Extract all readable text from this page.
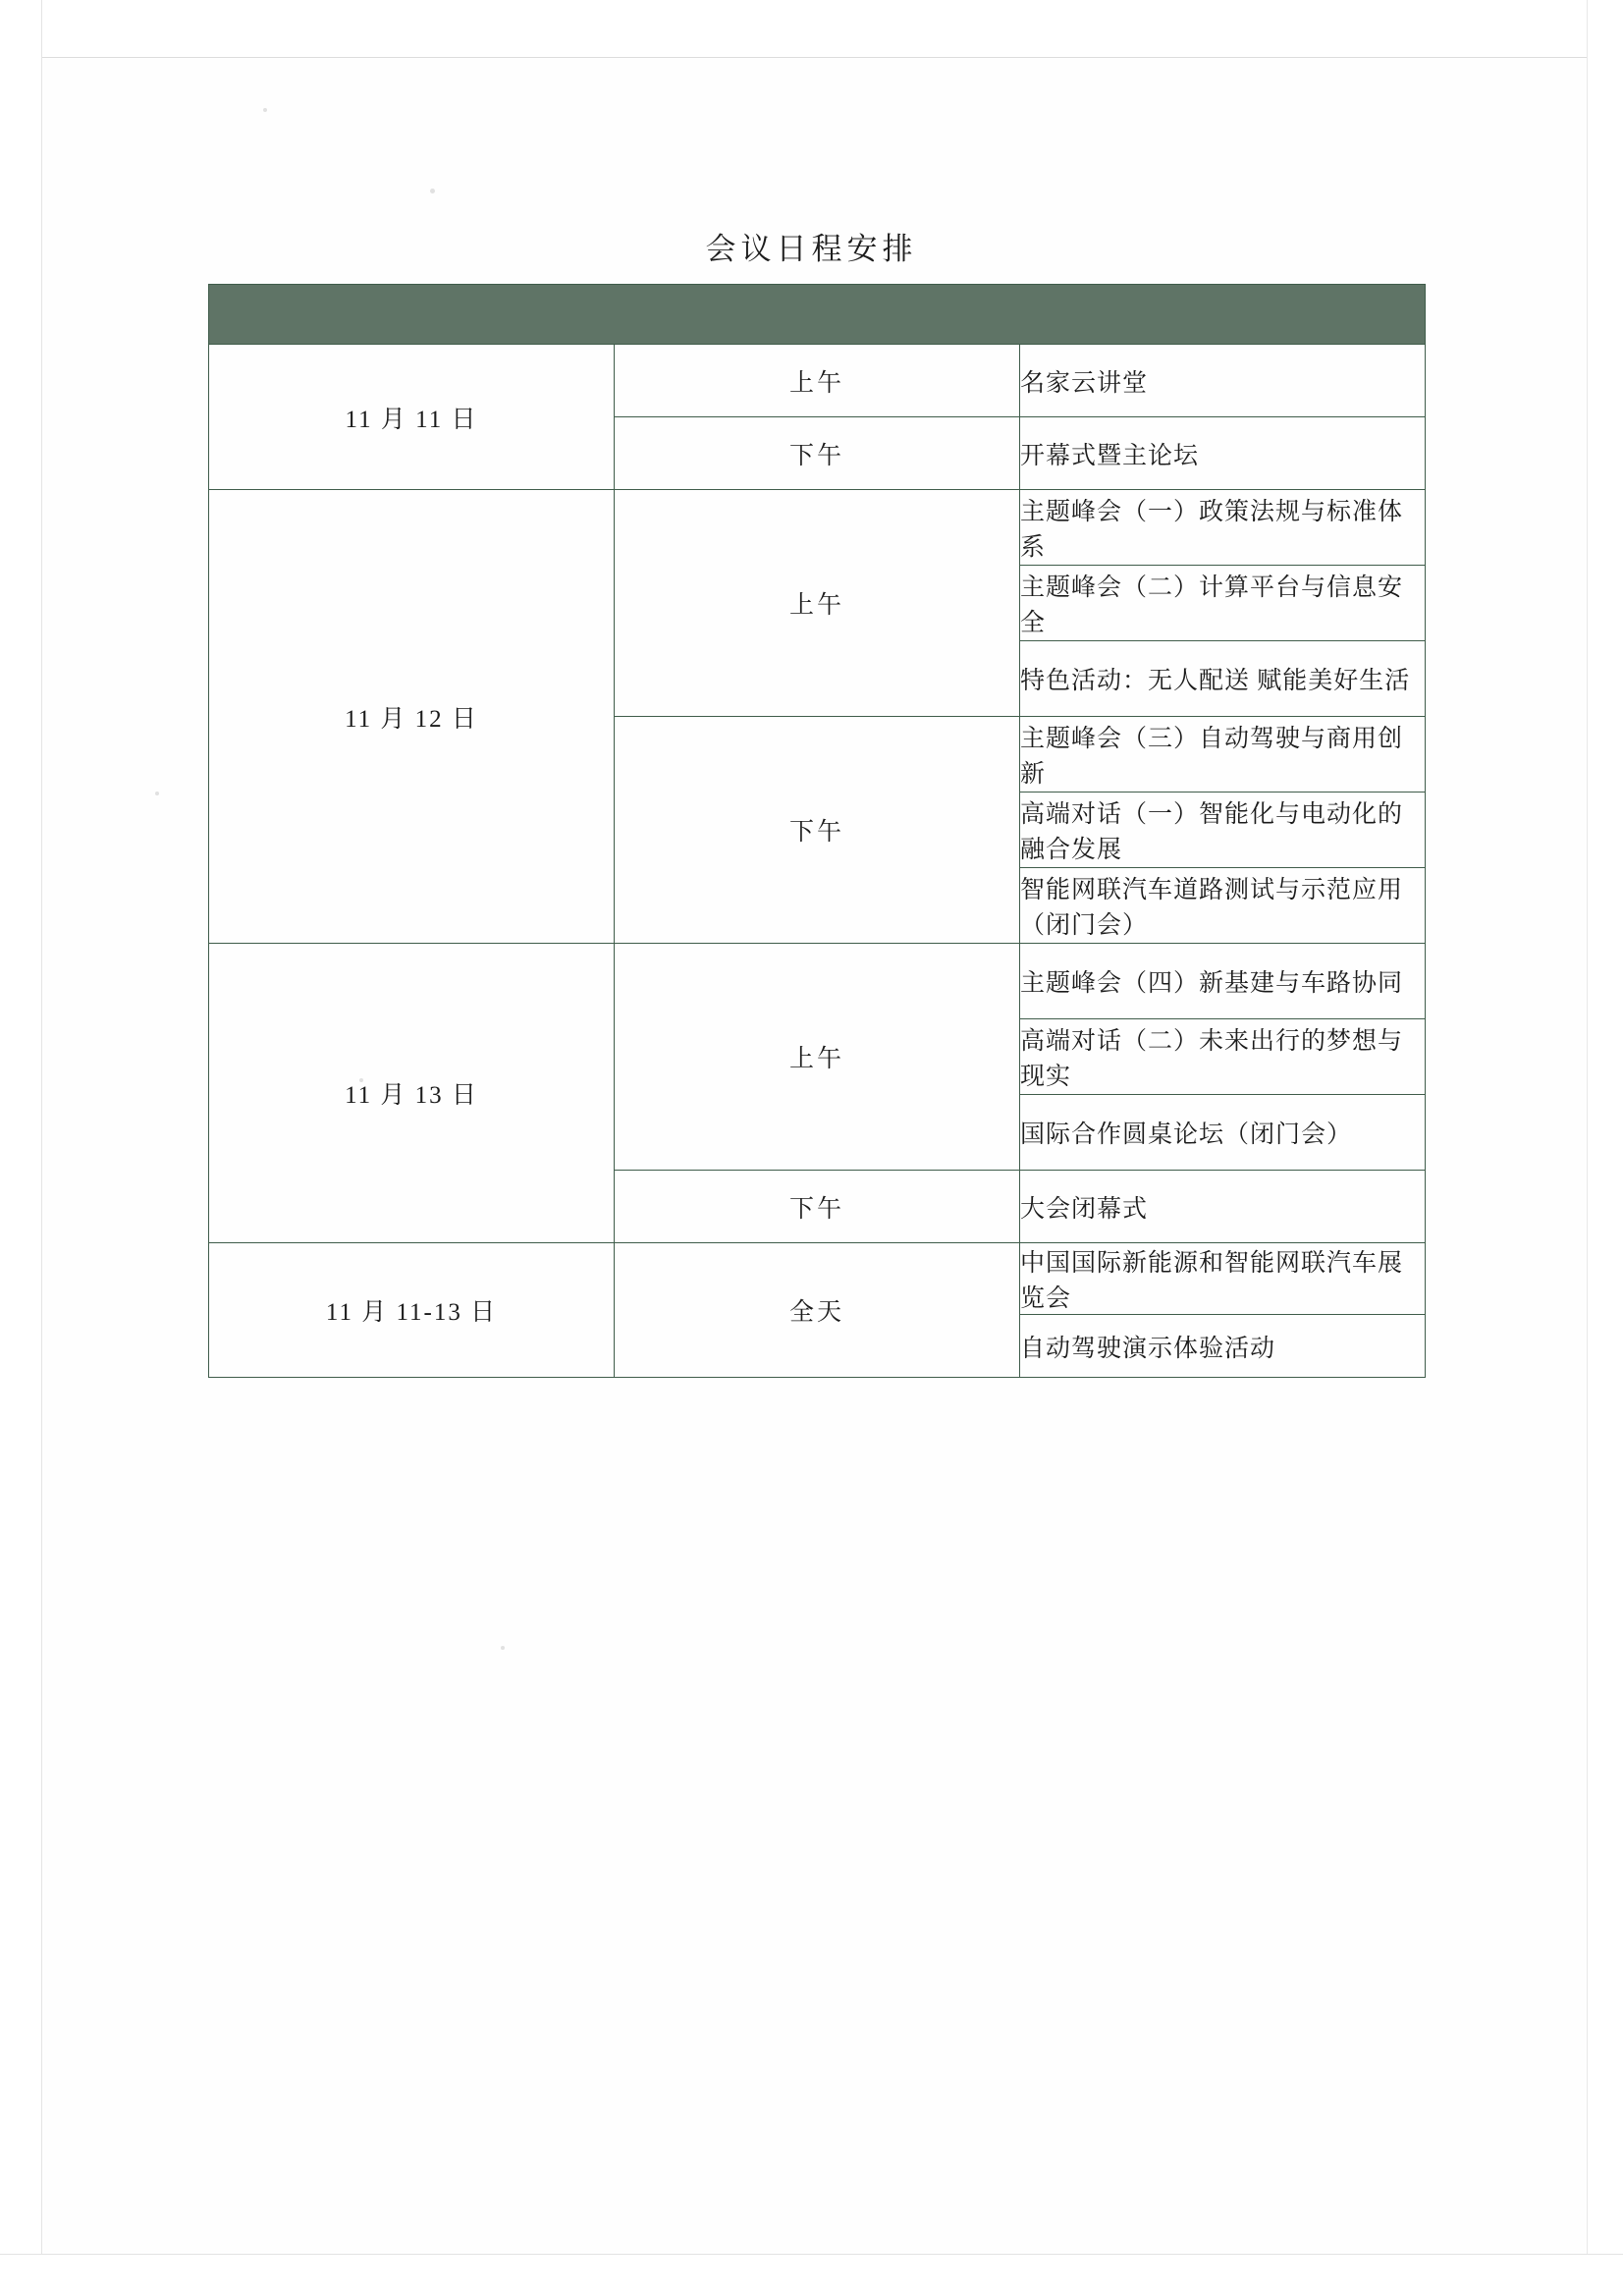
会议日程安排

11 月 11 日	上午	名家云讲堂
	下午	开幕式暨主论坛
11 月 12 日	上午	主题峰会（一）政策法规与标准体系
		主题峰会（二）计算平台与信息安全
		特色活动：无人配送 赋能美好生活
	下午	主题峰会（三）自动驾驶与商用创新
		高端对话（一）智能化与电动化的融合发展
		智能网联汽车道路测试与示范应用（闭门会）
11 月 13 日	上午	主题峰会（四）新基建与车路协同
		高端对话（二）未来出行的梦想与现实
		国际合作圆桌论坛（闭门会）
	下午	大会闭幕式
11 月 11-13 日	全天	中国国际新能源和智能网联汽车展览会
		自动驾驶演示体验活动
